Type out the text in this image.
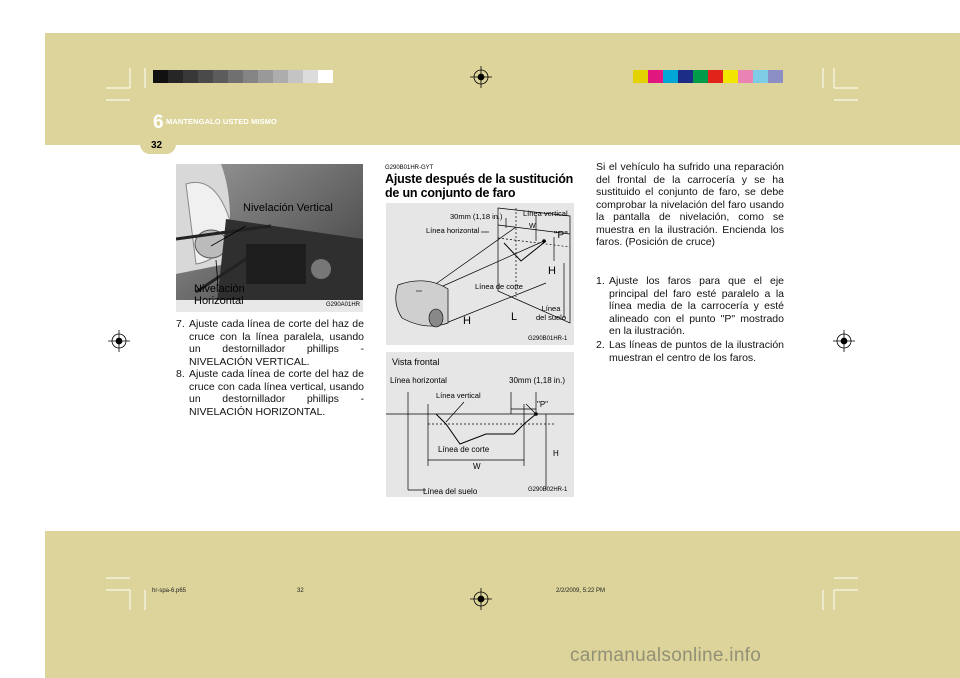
6 MANTENGALO USTED MISMO
32
Nivelación Vertical
Nivelación
Horizontal	G290A01HR
7. Ajuste cada línea de corte del haz de cruce con la línea paralela, usando un destornillador phillips - NIVELACIÓN VERTICAL.
8. Ajuste cada línea de corte del haz de cruce con cada línea vertical, usando un destornillador phillips - NIVELACIÓN HORIZONTAL.
G290B01HR-GYT
Ajuste después de la sustitución de un conjunto de faro
30mm (1,18 in.)	Línea vertical
Línea horizontal	W
"P"
H
Línea de corte
Línea
del suelo
H	L
G290B01HR-1
Vista frontal
Línea horizontal	30mm (1,18 in.)
Línea vertical
"P"
H
Línea de corte
W
Línea del suelo	G290B02HR-1
Si el vehículo ha sufrido una reparación del frontal de la carrocería y se ha sustituido el conjunto de faro, se debe comprobar la nivelación del faro usando la pantalla de nivelación, como se muestra en la ilustración. Encienda los faros. (Posición de cruce)
1. Ajuste los faros para que el eje principal del faro esté paralelo a la línea media de la carrocería y esté alineado con el punto "P" mostrado en la ilustración.
2. Las líneas de puntos de la ilustración muestran el centro de los faros.
hr-spa-6.p65	32	2/2/2009, 5:22 PM
carmanualsonline.info
